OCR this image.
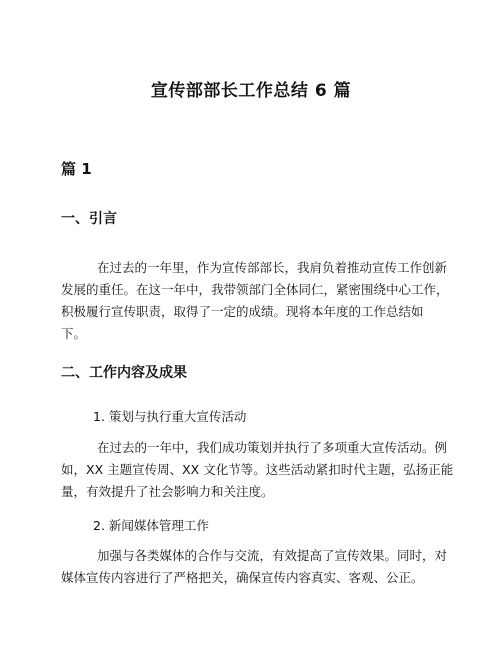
宣传部部长工作总结 6 篇
篇 1
一、引言
在过去的一年里，作为宣传部部长，我肩负着推动宣传工作创新
发展的重任。在这一年中，我带领部门全体同仁，紧密围绕中心工作，
积极履行宣传职责，取得了一定的成绩。现将本年度的工作总结如
下。
二、工作内容及成果
1. 策划与执行重大宣传活动
在过去的一年中，我们成功策划并执行了多项重大宣传活动。例
如，XX 主题宣传周、XX 文化节等。这些活动紧扣时代主题，弘扬正能
量，有效提升了社会影响力和关注度。
2. 新闻媒体管理工作
加强与各类媒体的合作与交流，有效提高了宣传效果。同时，对
媒体宣传内容进行了严格把关，确保宣传内容真实、客观、公正。
